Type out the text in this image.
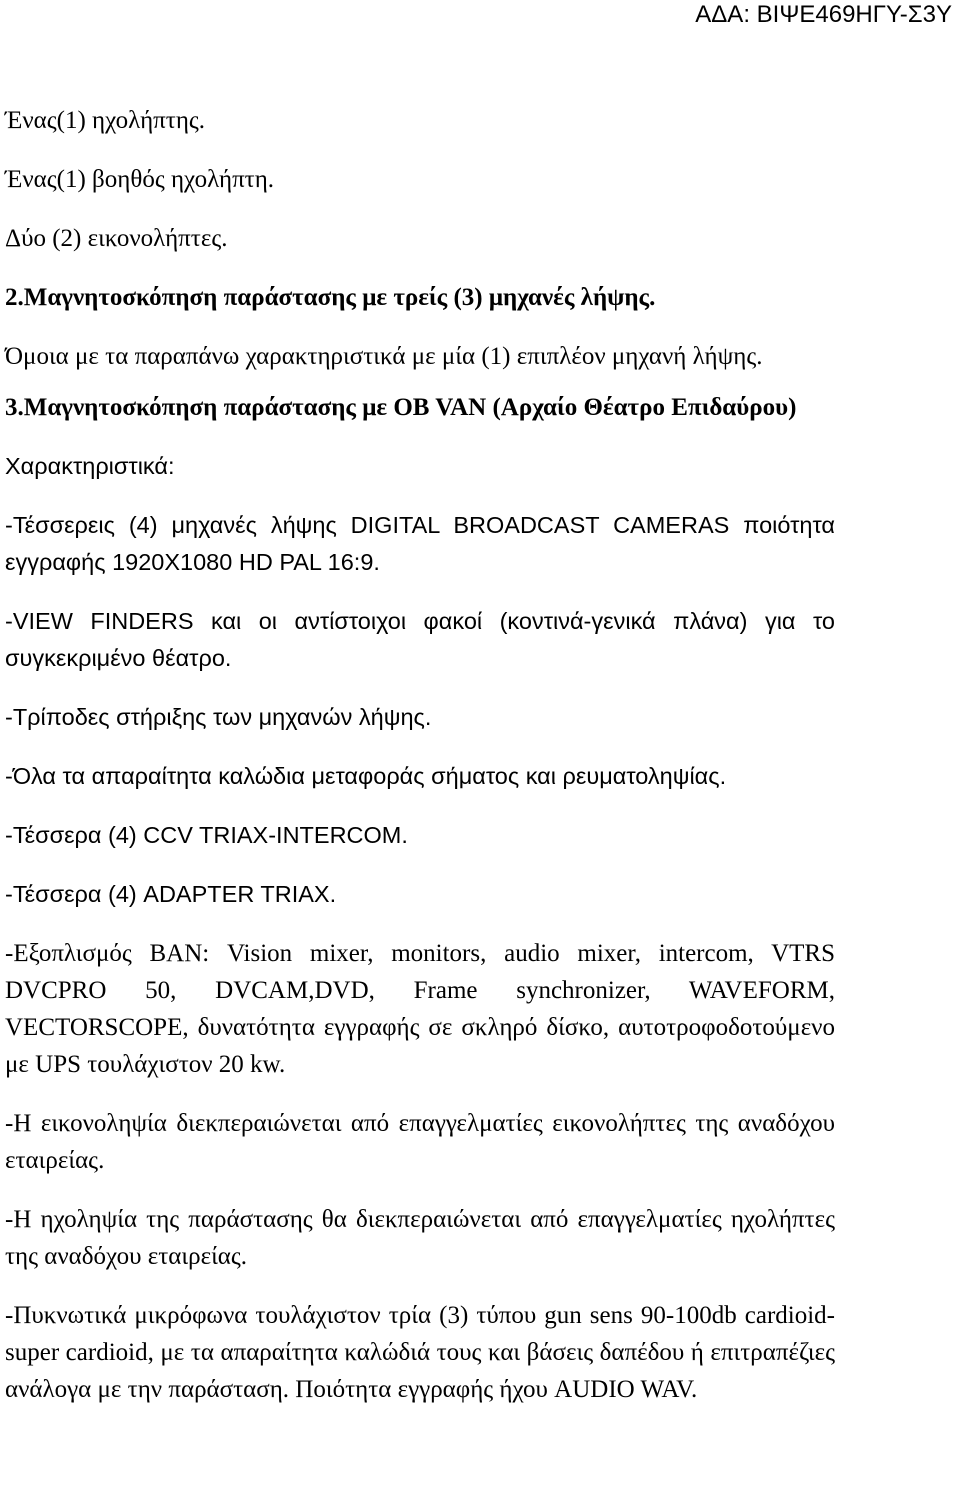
ΑΔΑ: ΒΙΨΕ469ΗΓΥ-Σ3Υ

Ένας(1) ηχολήπτης.

Ένας(1) βοηθός ηχολήπτη.

Δύο (2) εικονολήπτες.

2.Μαγνητοσκόπηση παράστασης με τρείς (3) μηχανές λήψης.

Όμοια με τα παραπάνω χαρακτηριστικά με μία (1) επιπλέον μηχανή λήψης.

3.Μαγνητοσκόπηση παράστασης με OB VAN (Αρχαίο Θέατρο Επιδαύρου)

Χαρακτηριστικά:

-Τέσσερεις (4) μηχανές λήψης DIGITAL BROADCAST CAMERAS ποιότητα εγγραφής 1920X1080 HD PAL 16:9.

-VIEW FINDERS και οι αντίστοιχοι φακοί (κοντινά-γενικά πλάνα) για το συγκεκριμένο θέατρο.

-Τρίποδες στήριξης των μηχανών λήψης.

-Όλα τα απαραίτητα καλώδια μεταφοράς σήματος και ρευματοληψίας.

-Τέσσερα (4) CCV TRIAX-INTERCOM.

-Τέσσερα (4) ADAPTER TRIAX.

-Εξοπλισμός ΒΑΝ: Vision mixer, monitors, audio mixer, intercom, VTRS DVCPRO 50, DVCAM,DVD, Frame synchronizer, WAVEFORM, VECTORSCOPE, δυνατότητα εγγραφής σε σκληρό δίσκο, αυτοτροφοδοτούμενο με UPS τουλάχιστον 20 kw.

-Η εικονοληψία διεκπεραιώνεται από επαγγελματίες εικονολήπτες της αναδόχου εταιρείας.

-Η ηχοληψία της παράστασης θα διεκπεραιώνεται από επαγγελματίες ηχολήπτες της αναδόχου εταιρείας.

-Πυκνωτικά μικρόφωνα τουλάχιστον τρία (3) τύπου gun sens 90-100db cardioid-super cardioid, με τα απαραίτητα καλώδιά τους και βάσεις δαπέδου ή επιτραπέζιες ανάλογα με την παράσταση. Ποιότητα εγγραφής ήχου AUDIO WAV.
